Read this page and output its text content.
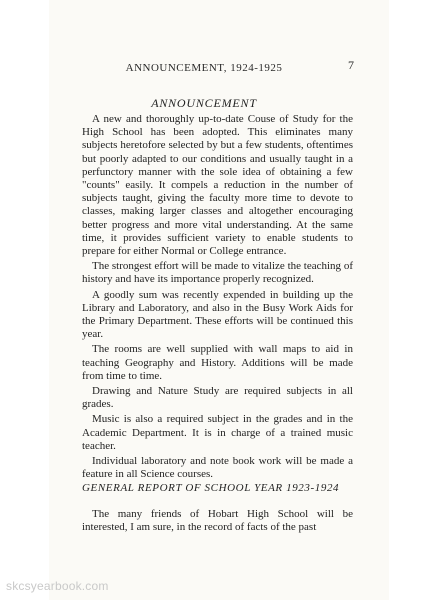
ANNOUNCEMENT, 1924-1925	7
ANNOUNCEMENT

A new and thoroughly up-to-date Couse of Study for the High School has been adopted. This eliminates many subjects heretofore selected by but a few students, oftentimes but poorly adapted to our conditions and usually taught in a perfunctory manner with the sole idea of obtaining a few "counts" easily. It compels a reduction in the number of subjects taught, giving the faculty more time to devote to classes, making larger classes and altogether encouraging better progress and more vital understanding. At the same time, it provides sufficient variety to enable students to prepare for either Normal or College entrance.

The strongest effort will be made to vitalize the teaching of history and have its importance properly recognized.

A goodly sum was recently expended in building up the Library and Laboratory, and also in the Busy Work Aids for the Primary Department. These efforts will be continued this year.

The rooms are well supplied with wall maps to aid in teaching Geography and History. Additions will be made from time to time.

Drawing and Nature Study are required subjects in all grades.

Music is also a required subject in the grades and in the Academic Department. It is in charge of a trained music teacher.

Individual laboratory and note book work will be made a feature in all Science courses.

GENERAL REPORT OF SCHOOL YEAR 1923-1924

The many friends of Hobart High School will be interested, I am sure, in the record of facts of the past

skcsyearbook.com
